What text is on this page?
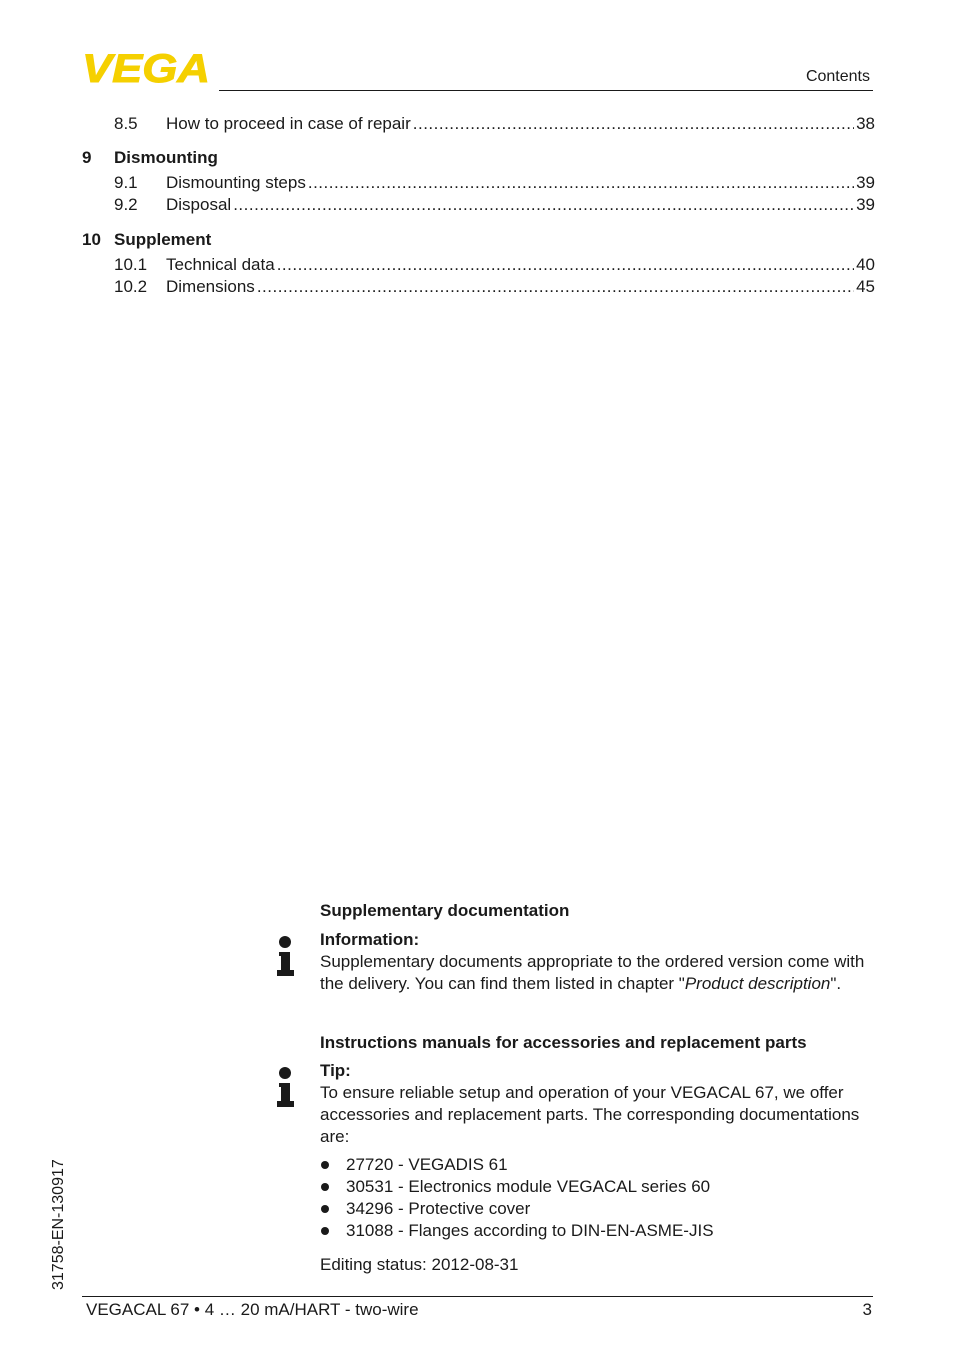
VEGA	Contents
8.5	How to proceed in case of repair .....	38
9 Dismounting
9.1	Dismounting steps .....	39
9.2	Disposal .....	39
10 Supplement
10.1	Technical data .....	40
10.2	Dimensions .....	45
Supplementary documentation
Information:
Supplementary documents appropriate to the ordered version come with the delivery. You can find them listed in chapter "Product description".
Instructions manuals for accessories and replacement parts
Tip:
To ensure reliable setup and operation of your VEGACAL 67, we offer accessories and replacement parts. The corresponding documentations are:
27720 - VEGADIS 61
30531 - Electronics module VEGACAL series 60
34296 - Protective cover
31088 - Flanges according to DIN-EN-ASME-JIS
Editing status: 2012-08-31
31758-EN-130917
VEGACAL 67 • 4 … 20 mA/HART - two-wire	3
